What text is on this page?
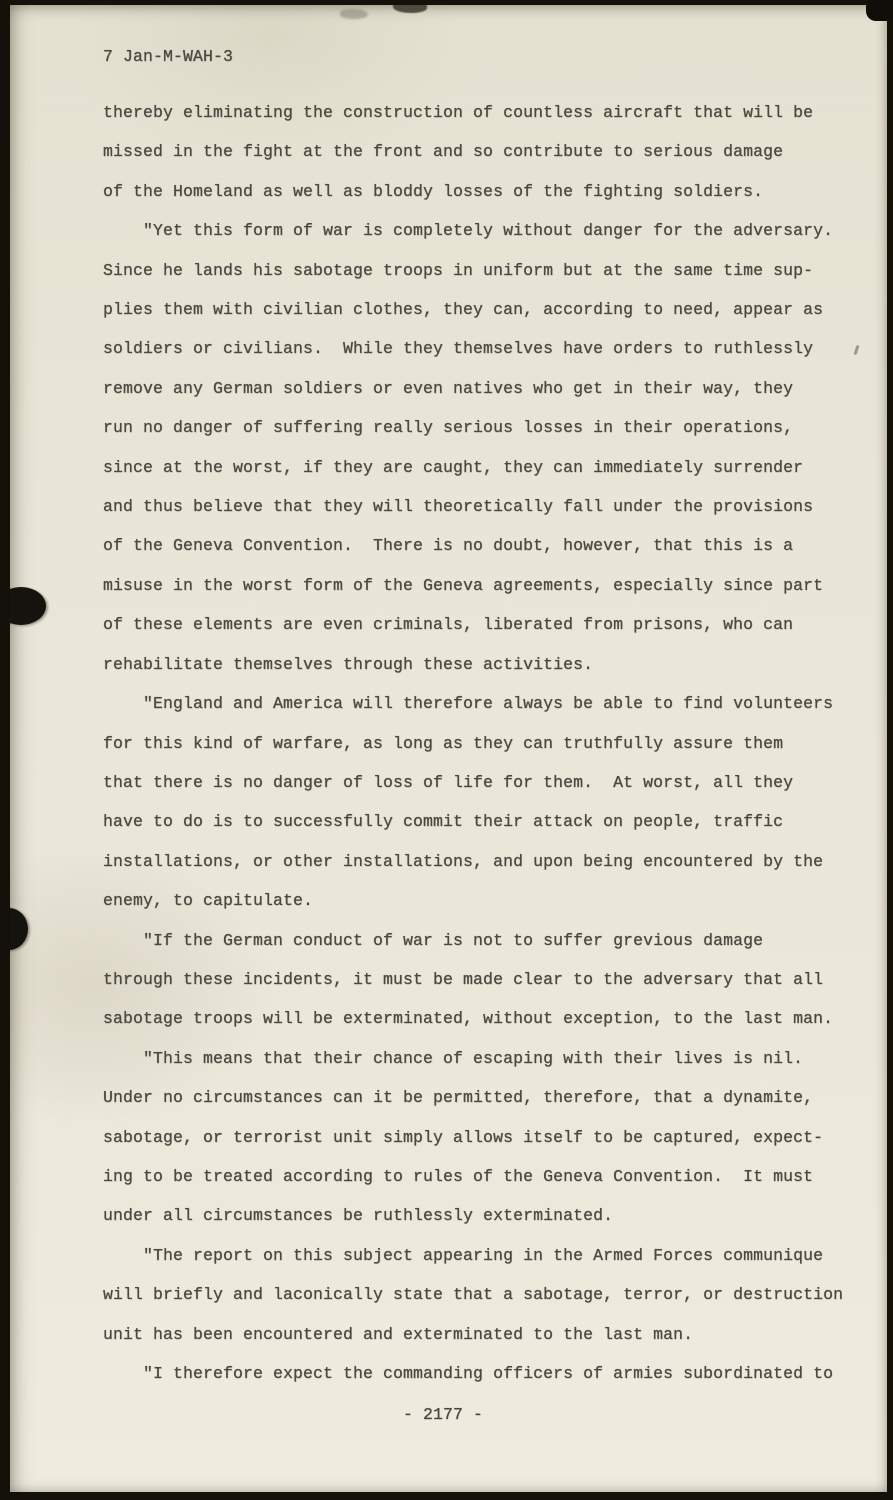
7 Jan-M-WAH-3
thereby eliminating the construction of countless aircraft that will be
missed in the fight at the front and so contribute to serious damage
of the Homeland as well as bloddy losses of the fighting soldiers.
"Yet this form of war is completely without danger for the adversary.
Since he lands his sabotage troops in uniform but at the same time sup-
plies them with civilian clothes, they can, according to need, appear as
soldiers or civilians.  While they themselves have orders to ruthlessly
remove any German soldiers or even natives who get in their way, they
run no danger of suffering really serious losses in their operations,
since at the worst, if they are caught, they can immediately surrender
and thus believe that they will theoretically fall under the provisions
of the Geneva Convention.  There is no doubt, however, that this is a
misuse in the worst form of the Geneva agreements, especially since part
of these elements are even criminals, liberated from prisons, who can
rehabilitate themselves through these activities.
"England and America will therefore always be able to find volunteers
for this kind of warfare, as long as they can truthfully assure them
that there is no danger of loss of life for them.  At worst, all they
have to do is to successfully commit their attack on people, traffic
installations, or other installations, and upon being encountered by the
enemy, to capitulate.
"If the German conduct of war is not to suffer grevious damage
through these incidents, it must be made clear to the adversary that all
sabotage troops will be exterminated, without exception, to the last man.
"This means that their chance of escaping with their lives is nil.
Under no circumstances can it be permitted, therefore, that a dynamite,
sabotage, or terrorist unit simply allows itself to be captured, expect-
ing to be treated according to rules of the Geneva Convention.  It must
under all circumstances be ruthlessly exterminated.
"The report on this subject appearing in the Armed Forces communique
will briefly and laconically state that a sabotage, terror, or destruction
unit has been encountered and exterminated to the last man.
"I therefore expect the commanding officers of armies subordinated to
- 2177 -
